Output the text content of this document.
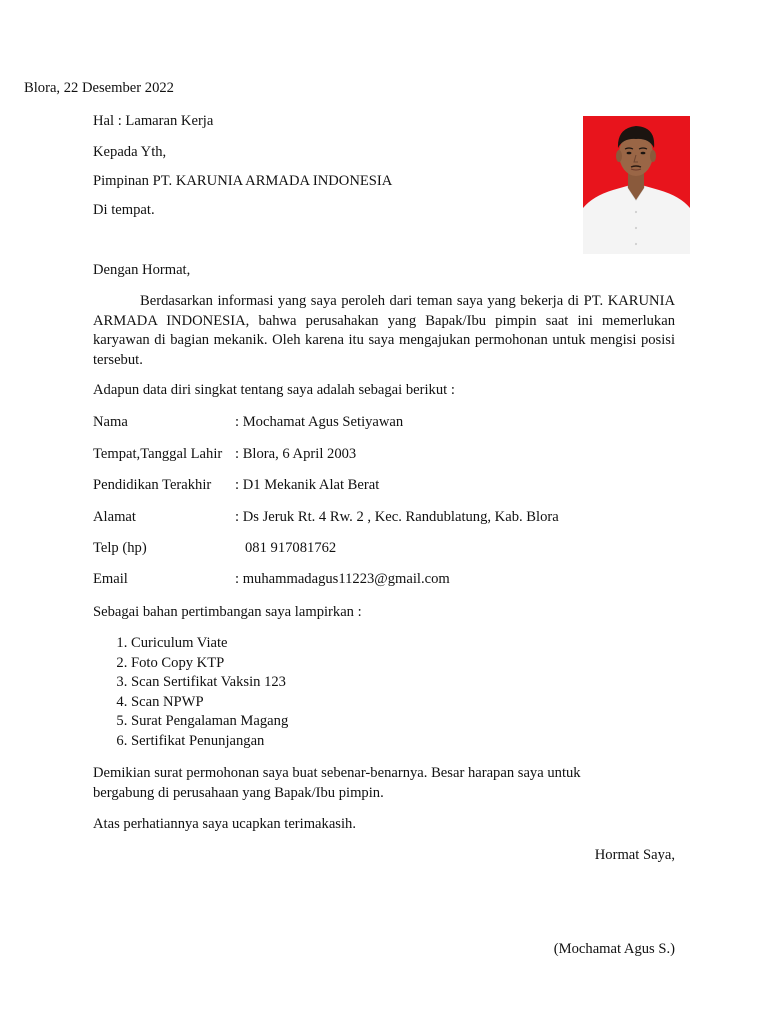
Blora, 22 Desember 2022
Hal : Lamaran Kerja
Kepada Yth,
Pimpinan PT. KARUNIA ARMADA INDONESIA
Di tempat.
Dengan Hormat,
Berdasarkan informasi yang saya peroleh dari teman saya yang bekerja di PT. KARUNIA ARMADA INDONESIA, bahwa perusahakan yang Bapak/Ibu pimpin saat ini memerlukan karyawan di bagian mekanik. Oleh karena itu saya mengajukan permohonan untuk mengisi posisi tersebut.
Adapun data diri singkat tentang saya adalah sebagai berikut :
Nama	: Mochamat Agus Setiyawan
Tempat,Tanggal Lahir : Blora, 6 April 2003
Pendidikan Terakhir : D1 Mekanik Alat Berat
Alamat	: Ds Jeruk Rt. 4 Rw. 2 , Kec. Randublatung, Kab. Blora
Telp (hp)	081 917081762
Email	: muhammadagus11223@gmail.com
Sebagai bahan pertimbangan saya lampirkan :
1. Curiculum Viate
2. Foto Copy KTP
3. Scan Sertifikat Vaksin 123
4. Scan NPWP
5. Surat Pengalaman Magang
6. Sertifikat Penunjangan
Demikian surat permohonan saya buat sebenar-benarnya. Besar harapan saya untuk bergabung di perusahaan yang Bapak/Ibu pimpin.
Atas perhatiannya saya ucapkan terimakasih.
Hormat Saya,
(Mochamat Agus S.)
